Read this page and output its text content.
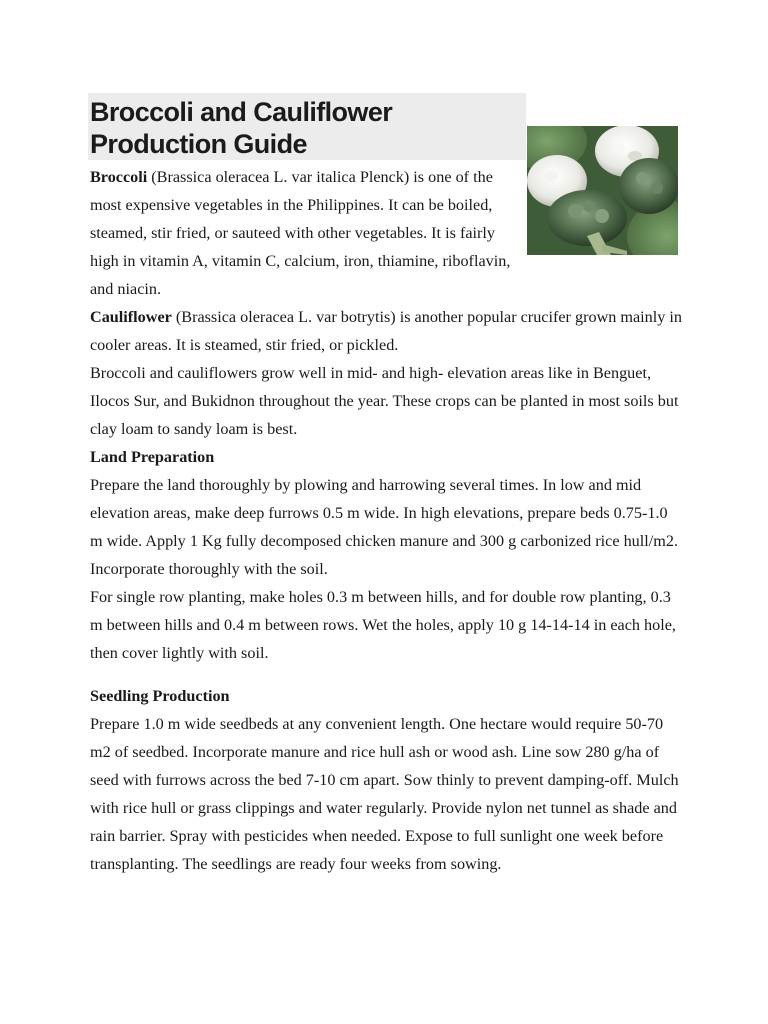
Broccoli and Cauliflower
Production Guide

Broccoli (Brassica oleracea L. var italica Plenck) is one of the most expensive vegetables in the Philippines. It can be boiled, steamed, stir fried, or sauteed with other vegetables. It is fairly high in vitamin A, vitamin C, calcium, iron, thiamine, riboflavin, and niacin.

Cauliflower (Brassica oleracea L. var botrytis) is another popular crucifer grown mainly in cooler areas. It is steamed, stir fried, or pickled.

Broccoli and cauliflowers grow well in mid- and high- elevation areas like in Benguet, Ilocos Sur, and Bukidnon throughout the year. These crops can be planted in most soils but clay loam to sandy loam is best.

Land Preparation

Prepare the land thoroughly by plowing and harrowing several times. In low and mid elevation areas, make deep furrows 0.5 m wide. In high elevations, prepare beds 0.75-1.0 m wide. Apply 1 Kg fully decomposed chicken manure and 300 g carbonized rice hull/m2. Incorporate thoroughly with the soil.

For single row planting, make holes 0.3 m between hills, and for double row planting, 0.3 m between hills and 0.4 m between rows. Wet the holes, apply 10 g 14-14-14 in each hole, then cover lightly with soil.

Seedling Production

Prepare 1.0 m wide seedbeds at any convenient length. One hectare would require 50-70 m2 of seedbed. Incorporate manure and rice hull ash or wood ash. Line sow 280 g/ha of seed with furrows across the bed 7-10 cm apart. Sow thinly to prevent damping-off. Mulch with rice hull or grass clippings and water regularly. Provide nylon net tunnel as shade and rain barrier. Spray with pesticides when needed. Expose to full sunlight one week before transplanting. The seedlings are ready four weeks from sowing.
